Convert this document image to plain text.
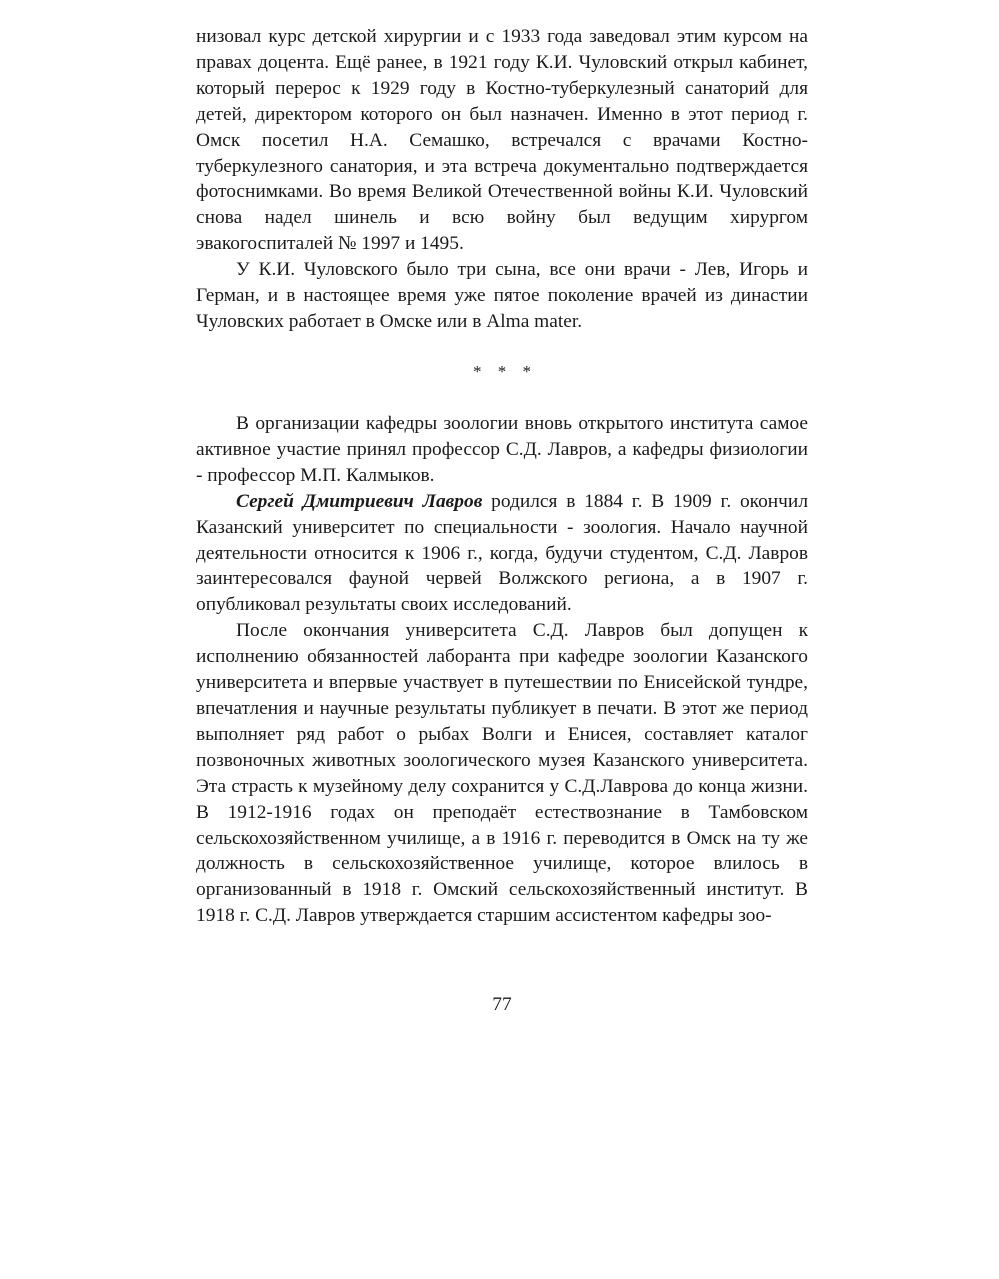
низовал курс детской хирургии и с 1933 года заведовал этим курсом на правах доцента. Ещё ранее, в 1921 году К.И. Чуловский открыл кабинет, который перерос к 1929 году в Костно-туберкулезный санаторий для детей, директором которого он был назначен. Именно в этот период г. Омск посетил Н.А. Семашко, встречался с врачами Костно-туберкулезного санатория, и эта встреча документально подтверждается фотоснимками. Во время Великой Отечественной войны К.И. Чуловский снова надел шинель и всю войну был ведущим хирургом эвакогоспиталей № 1997 и 1495.

У К.И. Чуловского было три сына, все они врачи - Лев, Игорь и Герман, и в настоящее время уже пятое поколение врачей из династии Чуловских работает в Омске или в Alma mater.

* * *

В организации кафедры зоологии вновь открытого института самое активное участие принял профессор С.Д. Лавров, а кафедры физиологии - профессор М.П. Калмыков.

Сергей Дмитриевич Лавров родился в 1884 г. В 1909 г. окончил Казанский университет по специальности - зоология. Начало научной деятельности относится к 1906 г., когда, будучи студентом, С.Д. Лавров заинтересовался фауной червей Волжского региона, а в 1907 г. опубликовал результаты своих исследований.

После окончания университета С.Д. Лавров был допущен к исполнению обязанностей лаборанта при кафедре зоологии Казанского университета и впервые участвует в путешествии по Енисейской тундре, впечатления и научные результаты публикует в печати. В этот же период выполняет ряд работ о рыбах Волги и Енисея, составляет каталог позвоночных животных зоологического музея Казанского университета. Эта страсть к музейному делу сохранится у С.Д.Лаврова до конца жизни. В 1912-1916 годах он преподаёт естествознание в Тамбовском сельскохозяйственном училище, а в 1916 г. переводится в Омск на ту же должность в сельскохозяйственное училище, которое влилось в организованный в 1918 г. Омский сельскохозяйственный институт. В 1918 г. С.Д. Лавров утверждается старшим ассистентом кафедры зоо-

77
